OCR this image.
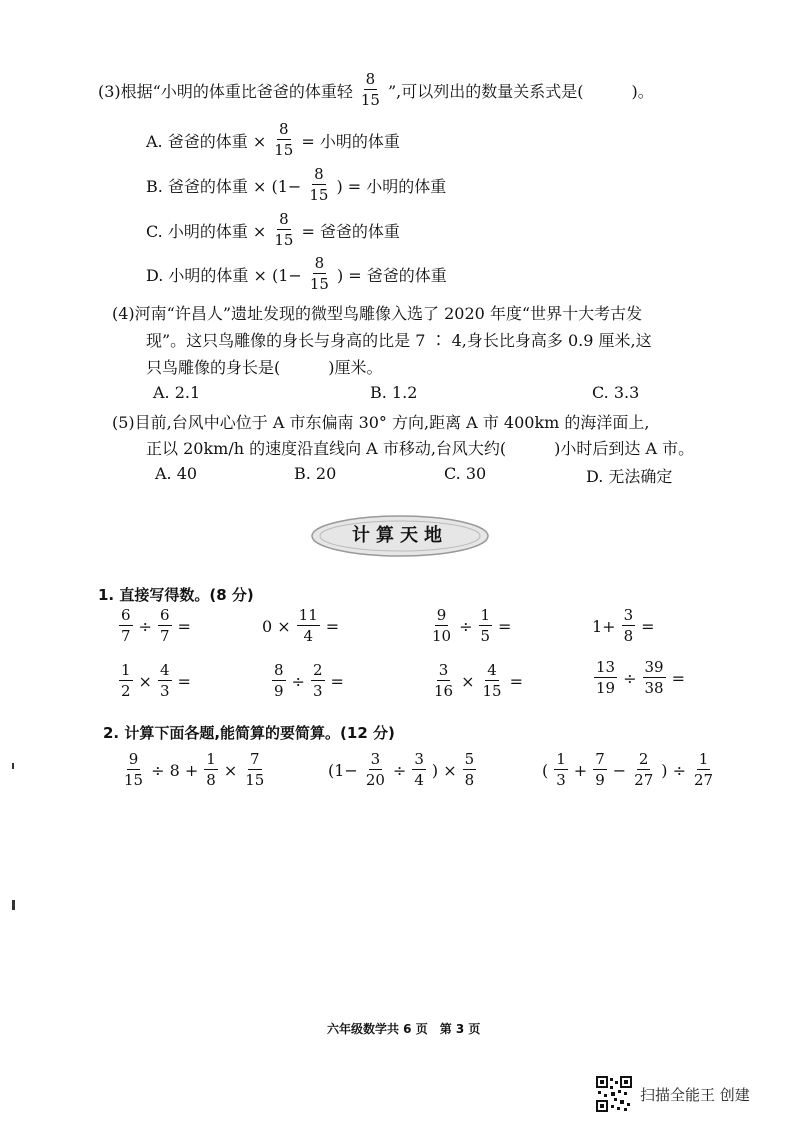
(3)根据“小明的体重比爸爸的体重轻 $\frac{8}{15}$ ”,可以列出的数量关系式是(　　　)。
A. 爸爸的体重 × $\frac{8}{15}$ = 小明的体重
B. 爸爸的体重 × ($1- \frac{8}{15}$ ) = 小明的体重
C. 小明的体重 × $\frac{8}{15}$ = 爸爸的体重
D. 小明的体重 × ($1- \frac{8}{15}$ ) = 爸爸的体重
(4)河南“许昌人”遗址发现的微型鸟雕像入选了 2020 年度“世界十大考古发
现”。这只鸟雕像的身长与身高的比是 7 ∶ 4,身长比身高多 0.9 厘米,这
只鸟雕像的身长是(　　　)厘米。
A. 2.1	B. 1.2	C. 3.3
(5)目前,台风中心位于 A 市东偏南 30° 方向,距离 A 市 400km 的海洋面上,
正以 20km/h 的速度沿直线向 A 市移动,台风大约(　　　)小时后到达 A 市。
A. 40	B. 20	C. 30	D. 无法确定
计算天地
1. 直接写得数。(8 分)
$\frac{6}{7} \div \frac{6}{7}$ =	$0 \times \frac{11}{4}$ =	$\frac{9}{10} \div \frac{1}{5}$ =	$1+ \frac{3}{8}$ =
$\frac{1}{2} \times \frac{4}{3}$ =	$\frac{8}{9} \div \frac{2}{3}$ =	$\frac{3}{16} \times \frac{4}{15}$ =	$\frac{13}{19} \div \frac{39}{38}$ =
2. 计算下面各题,能简算的要简算。(12 分)
$\frac{9}{15} \div 8 + \frac{1}{8} \times \frac{7}{15}$	($1- \frac{3}{20} \div \frac{3}{4}$ ) × $\frac{5}{8}$	( $\frac{1}{3} + \frac{7}{9} - \frac{2}{27}$ ) ÷ $\frac{1}{27}$
六年级数学共 6 页　第 3 页
扫描全能王 创建
